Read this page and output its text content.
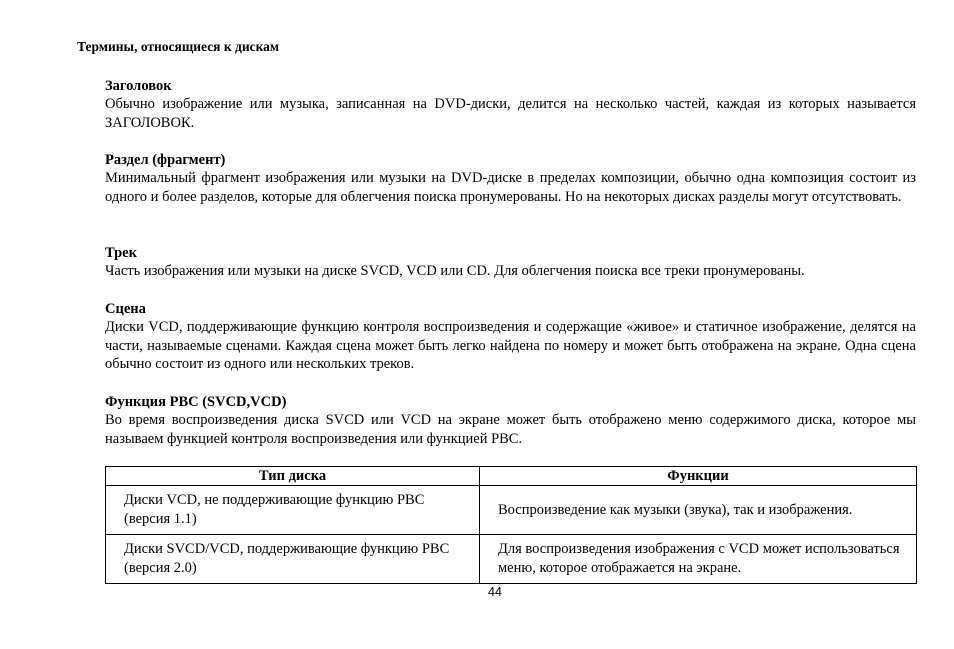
Термины, относящиеся к дискам
Заголовок
Обычно изображение или музыка, записанная на DVD-диски, делится на несколько частей, каждая из которых называется ЗАГОЛОВОК.
Раздел (фрагмент)
Минимальный фрагмент изображения или музыки на DVD-диске в пределах композиции, обычно одна композиция состоит из одного и более разделов, которые для облегчения поиска пронумерованы. Но на некоторых дисках разделы могут отсутствовать.
Трек
Часть изображения или музыки на диске SVCD, VCD или CD. Для облегчения поиска все треки пронумерованы.
Сцена
Диски VCD, поддерживающие функцию контроля воспроизведения и содержащие «живое» и статичное изображение, делятся на части, называемые сценами. Каждая сцена может быть легко найдена по номеру и может быть отображена на экране. Одна сцена обычно состоит из одного или нескольких треков.
Функция PBC (SVCD,VCD)
Во время воспроизведения диска SVCD или VCD на экране может быть отображено меню содержимого диска, которое мы называем функцией контроля воспроизведения или функцией PBC.
Тип диска	Функции
Диски VCD, не поддерживающие функцию PBC (версия 1.1)	Воспроизведение как музыки (звука), так и изображения.
Диски SVCD/VCD, поддерживающие функцию PBC (версия 2.0)	Для воспроизведения изображения с VCD может использоваться меню, которое отображается на экране.
44
